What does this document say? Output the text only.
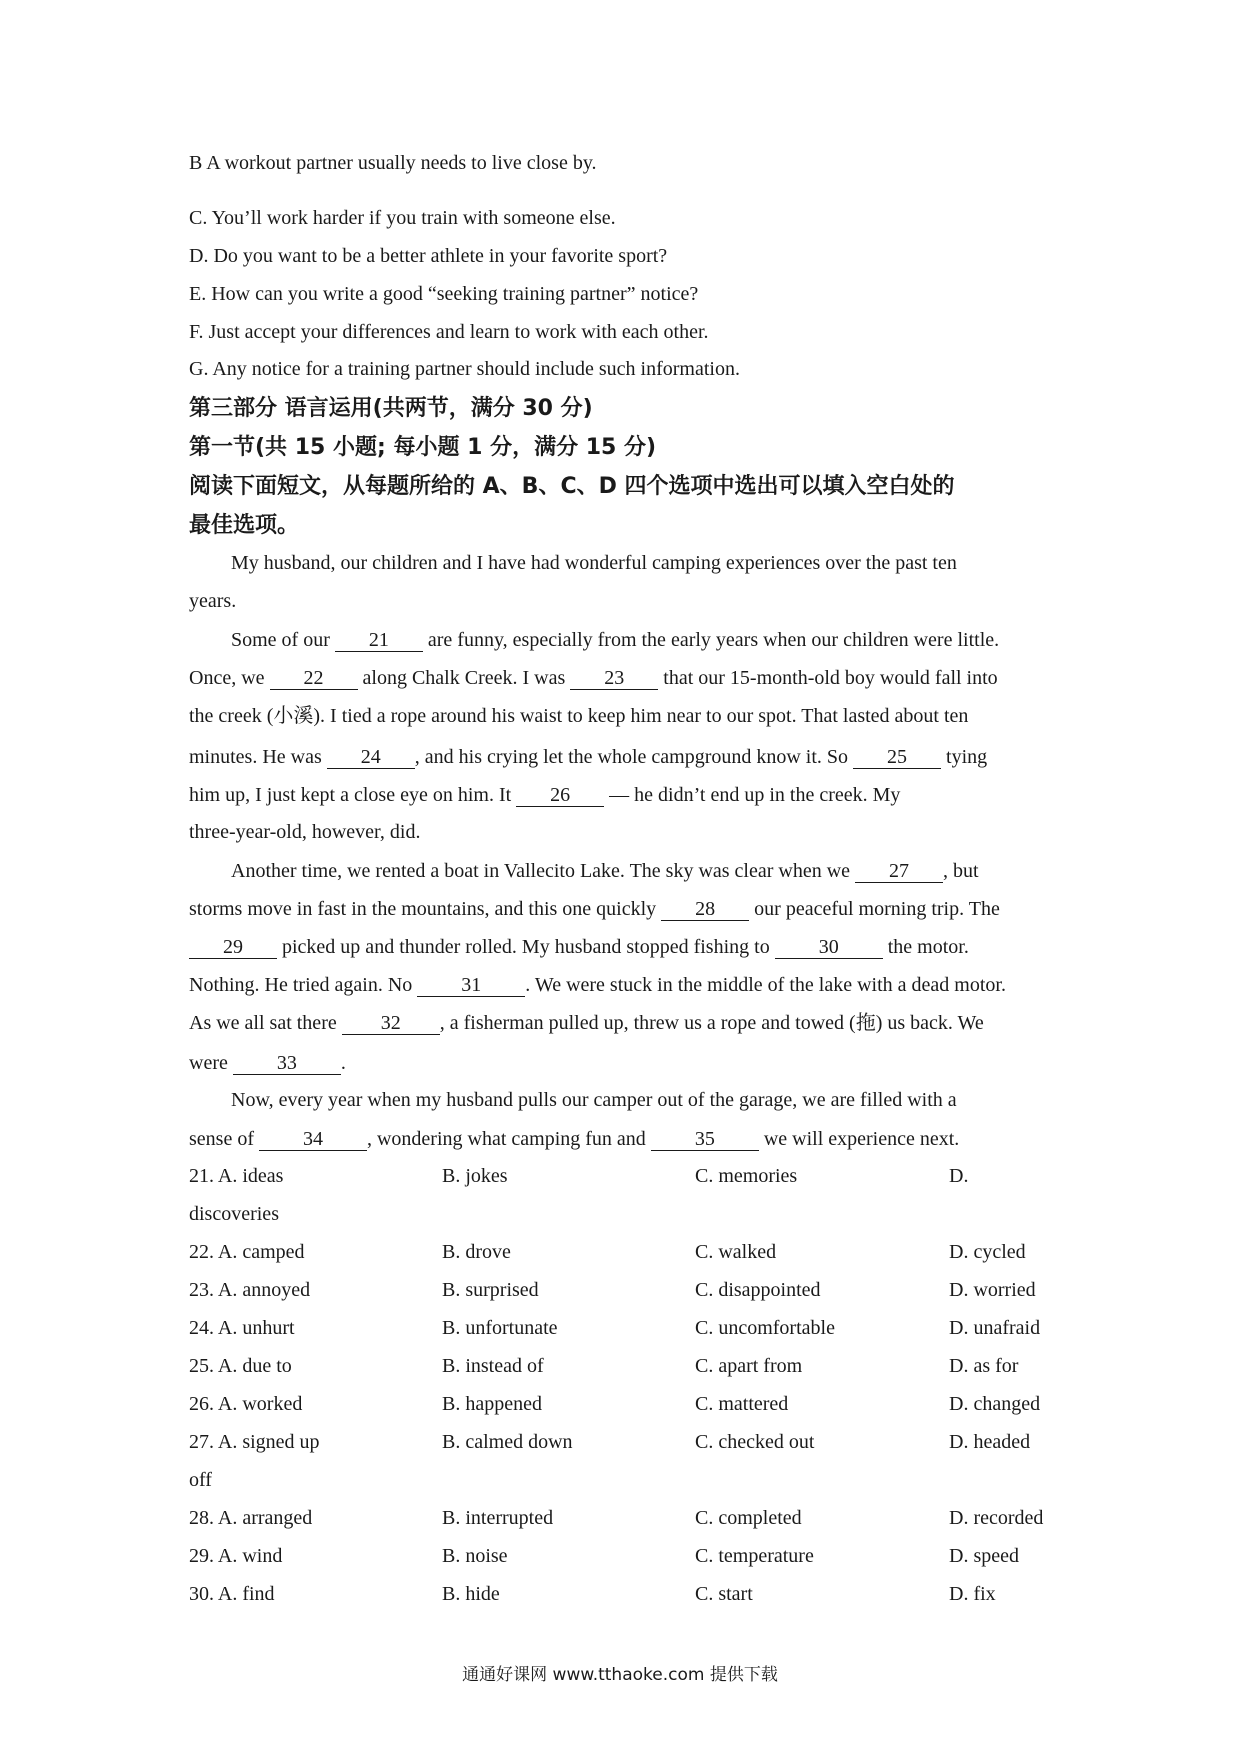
B A workout partner usually needs to live close by.
C. You’ll work harder if you train with someone else.
D. Do you want to be a better athlete in your favorite sport?
E. How can you write a good “seeking training partner” notice?
F. Just accept your differences and learn to work with each other.
G. Any notice for a training partner should include such information.
第三部分 语言运用(共两节，满分 30 分)
第一节(共 15 小题; 每小题 1 分，满分 15 分)
阅读下面短文，从每题所给的 A、B、C、D 四个选项中选出可以填入空白处的
最佳选项。
My husband, our children and I have had wonderful camping experiences over the past ten
years.
Some of our 21 are funny, especially from the early years when our children were little.
Once, we 22 along Chalk Creek. I was 23 that our 15-month-old boy would fall into
the creek (小溪). I tied a rope around his waist to keep him near to our spot. That lasted about ten
minutes. He was 24 , and his crying let the whole campground know it. So 25 tying
him up, I just kept a close eye on him. It 26 — he didn’t end up in the creek. My
three-year-old, however, did.
Another time, we rented a boat in Vallecito Lake. The sky was clear when we 27 , but
storms move in fast in the mountains, and this one quickly 28 our peaceful morning trip. The
29 picked up and thunder rolled. My husband stopped fishing to 30 the motor.
Nothing. He tried again. No 31 . We were stuck in the middle of the lake with a dead motor.
As we all sat there 32 , a fisherman pulled up, threw us a rope and towed (拖) us back. We
were 33 .
Now, every year when my husband pulls our camper out of the garage, we are filled with a
sense of 34 , wondering what camping fun and 35 we will experience next.
21. A. ideas	B. jokes	C. memories	D.
discoveries
22. A. camped	B. drove	C. walked	D. cycled
23. A. annoyed	B. surprised	C. disappointed	D. worried
24. A. unhurt	B. unfortunate	C. uncomfortable	D. unafraid
25. A. due to	B. instead of	C. apart from	D. as for
26. A. worked	B. happened	C. mattered	D. changed
27. A. signed up	B. calmed down	C. checked out	D. headed
off
28. A. arranged	B. interrupted	C. completed	D. recorded
29. A. wind	B. noise	C. temperature	D. speed
30. A. find	B. hide	C. start	D. fix
通通好课网 www.tthaoke.com 提供下载
